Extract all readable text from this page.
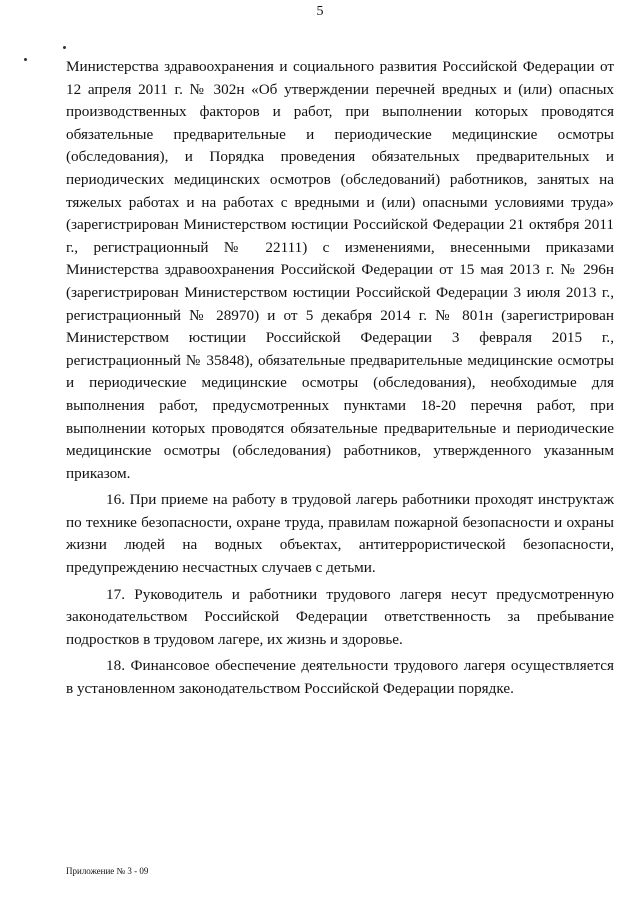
5

Министерства здравоохранения и социального развития Российской Федерации от 12 апреля 2011 г. № 302н «Об утверждении перечней вредных и (или) опасных производственных факторов и работ, при выполнении которых проводятся обязательные предварительные и периодические медицинские осмотры (обследования), и Порядка проведения обязательных предварительных и периодических медицинских осмотров (обследований) работников, занятых на тяжелых работах и на работах с вредными и (или) опасными условиями труда» (зарегистрирован Министерством юстиции Российской Федерации 21 октября 2011 г., регистрационный № 22111) с изменениями, внесенными приказами Министерства здравоохранения Российской Федерации от 15 мая 2013 г. № 296н (зарегистрирован Министерством юстиции Российской Федерации 3 июля 2013 г., регистрационный № 28970) и от 5 декабря 2014 г. № 801н (зарегистрирован Министерством юстиции Российской Федерации 3 февраля 2015 г., регистрационный № 35848), обязательные предварительные медицинские осмотры и периодические медицинские осмотры (обследования), необходимые для выполнения работ, предусмотренных пунктами 18-20 перечня работ, при выполнении которых проводятся обязательные предварительные и периодические медицинские осмотры (обследования) работников, утвержденного указанным приказом.

16. При приеме на работу в трудовой лагерь работники проходят инструктаж по технике безопасности, охране труда, правилам пожарной безопасности и охраны жизни людей на водных объектах, антитеррористической безопасности, предупреждению несчастных случаев с детьми.

17. Руководитель и работники трудового лагеря несут предусмотренную законодательством Российской Федерации ответственность за пребывание подростков в трудовом лагере, их жизнь и здоровье.

18. Финансовое обеспечение деятельности трудового лагеря осуществляется в установленном законодательством Российской Федерации порядке.

Приложение № 3 - 09
